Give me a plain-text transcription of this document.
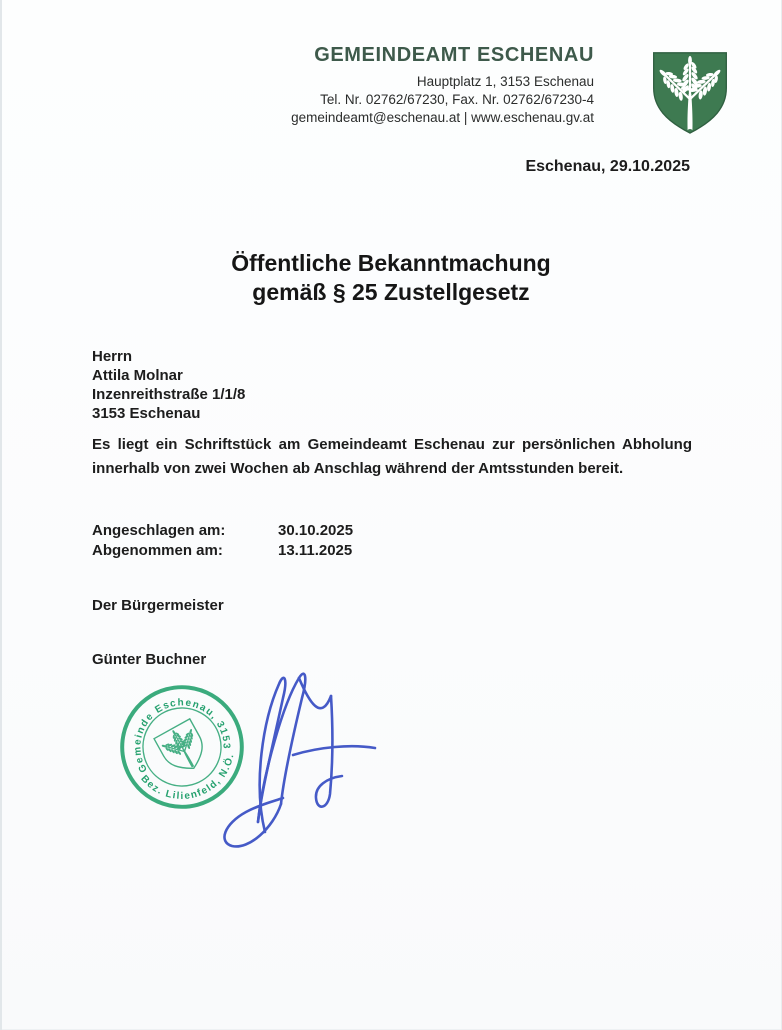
GEMEINDEAMT ESCHENAU
Hauptplatz 1, 3153 Eschenau
Tel. Nr. 02762/67230, Fax. Nr. 02762/67230-4
gemeindeamt@eschenau.at | www.eschenau.gv.at
Eschenau, 29.10.2025
Öffentliche Bekanntmachung
gemäß § 25 Zustellgesetz
Herrn
Attila Molnar
Inzenreithstraße 1/1/8
3153 Eschenau
Es liegt ein Schriftstück am Gemeindeamt Eschenau zur persönlichen Abholung innerhalb von zwei Wochen ab Anschlag während der Amtsstunden bereit.
Angeschlagen am:	30.10.2025
Abgenommen am:	13.11.2025
Der Bürgermeister
Günter Buchner
Gemeinde Eschenau, 3153
Bez. Lilienfeld, N.Ö.
